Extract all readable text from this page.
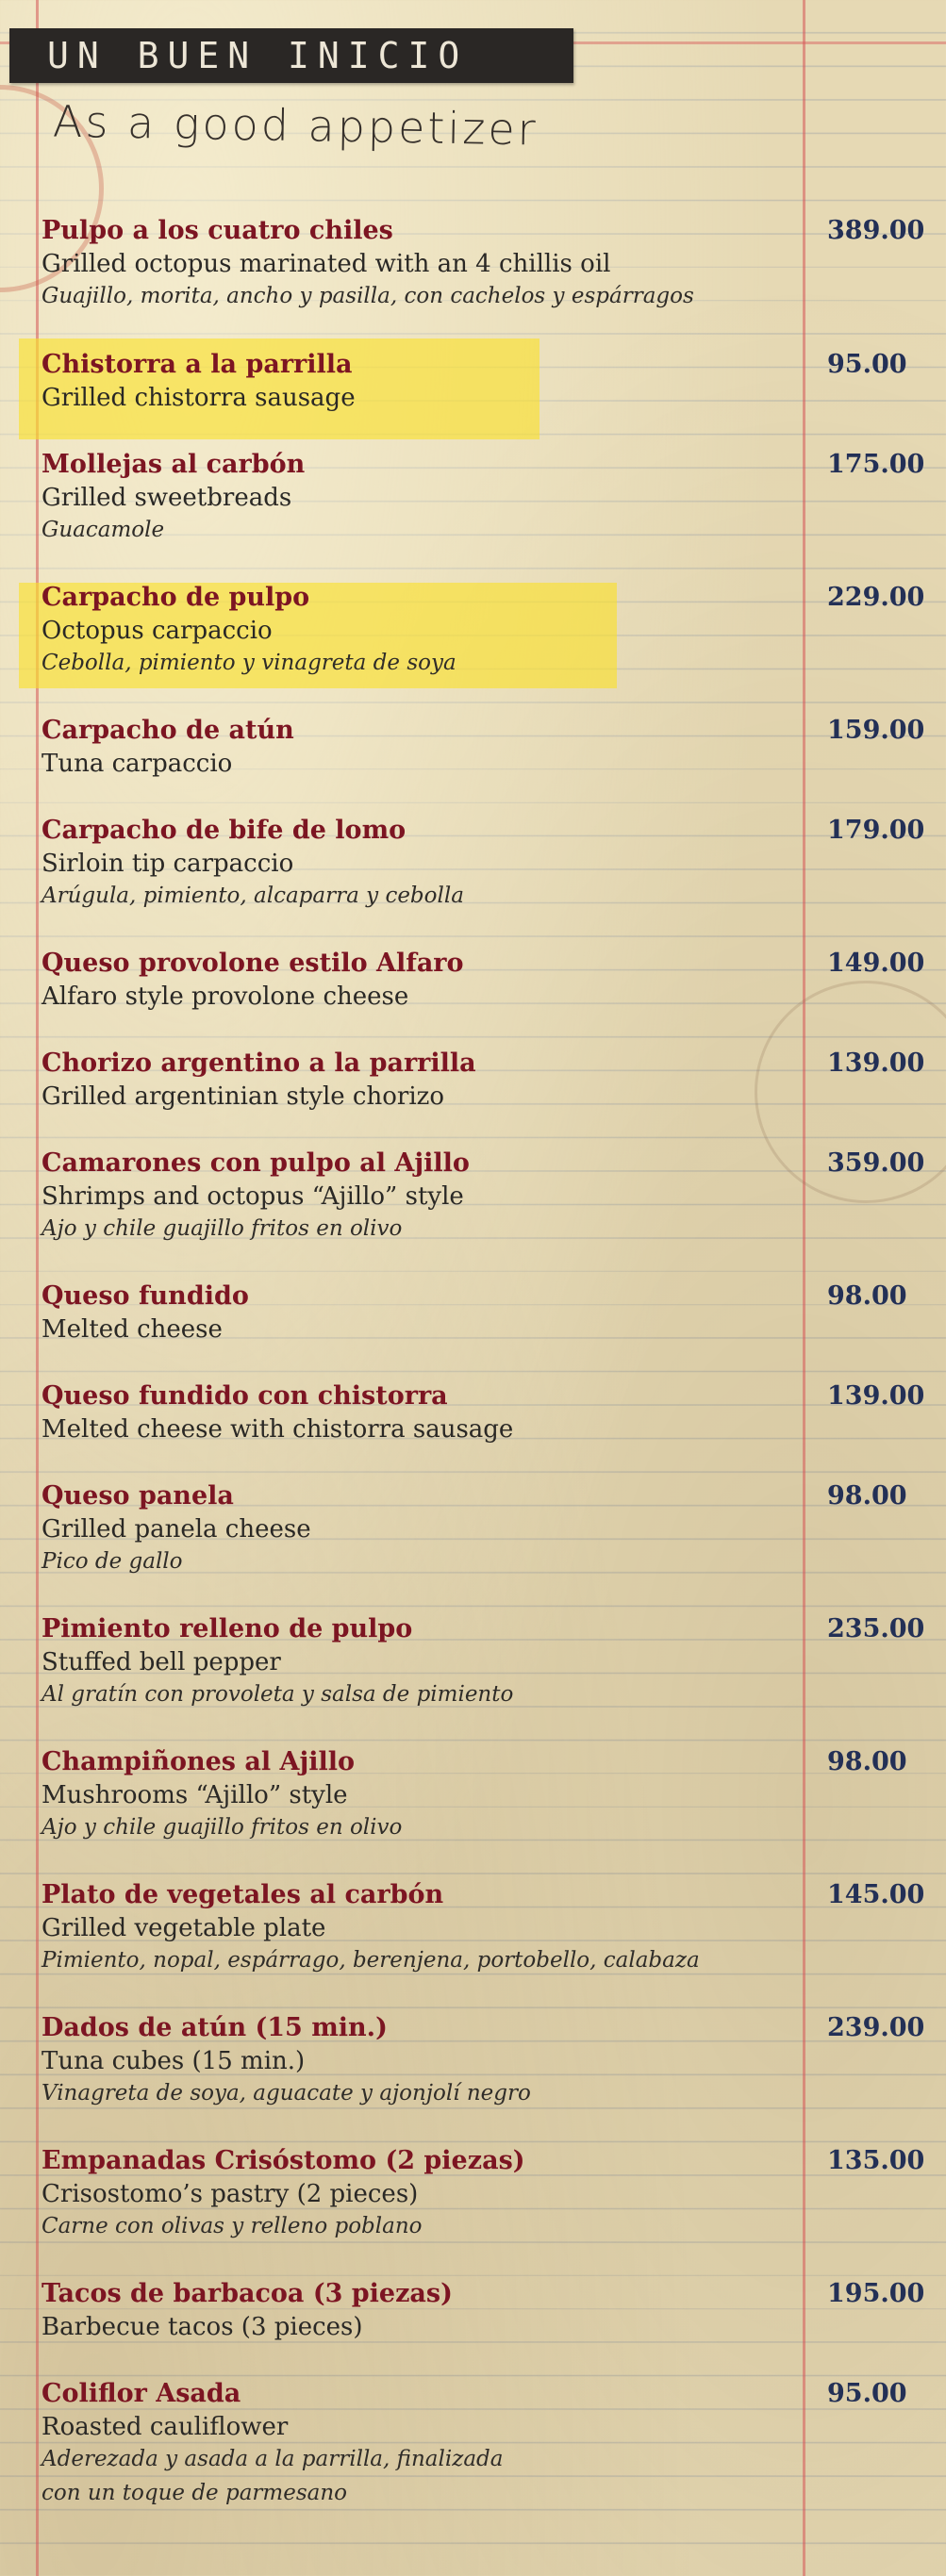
UN BUEN INICIO
As a good appetizer
Pulpo a los cuatro chiles	389.00
Grilled octopus marinated with an 4 chillis oil
Guajillo, morita, ancho y pasilla, con cachelos y espárragos
Chistorra a la parrilla	95.00
Grilled chistorra sausage
Mollejas al carbón	175.00
Grilled sweetbreads
Guacamole
Carpacho de pulpo	229.00
Octopus carpaccio
Cebolla, pimiento y vinagreta de soya
Carpacho de atún	159.00
Tuna carpaccio
Carpacho de bife de lomo	179.00
Sirloin tip carpaccio
Arúgula, pimiento, alcaparra y cebolla
Queso provolone estilo Alfaro	149.00
Alfaro style provolone cheese
Chorizo argentino a la parrilla	139.00
Grilled argentinian style chorizo
Camarones con pulpo al Ajillo	359.00
Shrimps and octopus “Ajillo” style
Ajo y chile guajillo fritos en olivo
Queso fundido	98.00
Melted cheese
Queso fundido con chistorra	139.00
Melted cheese with chistorra sausage
Queso panela	98.00
Grilled panela cheese
Pico de gallo
Pimiento relleno de pulpo	235.00
Stuffed bell pepper
Al gratín con provoleta y salsa de pimiento
Champiñones al Ajillo	98.00
Mushrooms “Ajillo” style
Ajo y chile guajillo fritos en olivo
Plato de vegetales al carbón	145.00
Grilled vegetable plate
Pimiento, nopal, espárrago, berenjena, portobello, calabaza
Dados de atún (15 min.)	239.00
Tuna cubes (15 min.)
Vinagreta de soya, aguacate y ajonjolí negro
Empanadas Crisóstomo (2 piezas)	135.00
Crisostomo’s pastry (2 pieces)
Carne con olivas y relleno poblano
Tacos de barbacoa (3 piezas)	195.00
Barbecue tacos (3 pieces)
Coliflor Asada	95.00
Roasted cauliflower
Aderezada y asada a la parrilla, finalizada
con un toque de parmesano
